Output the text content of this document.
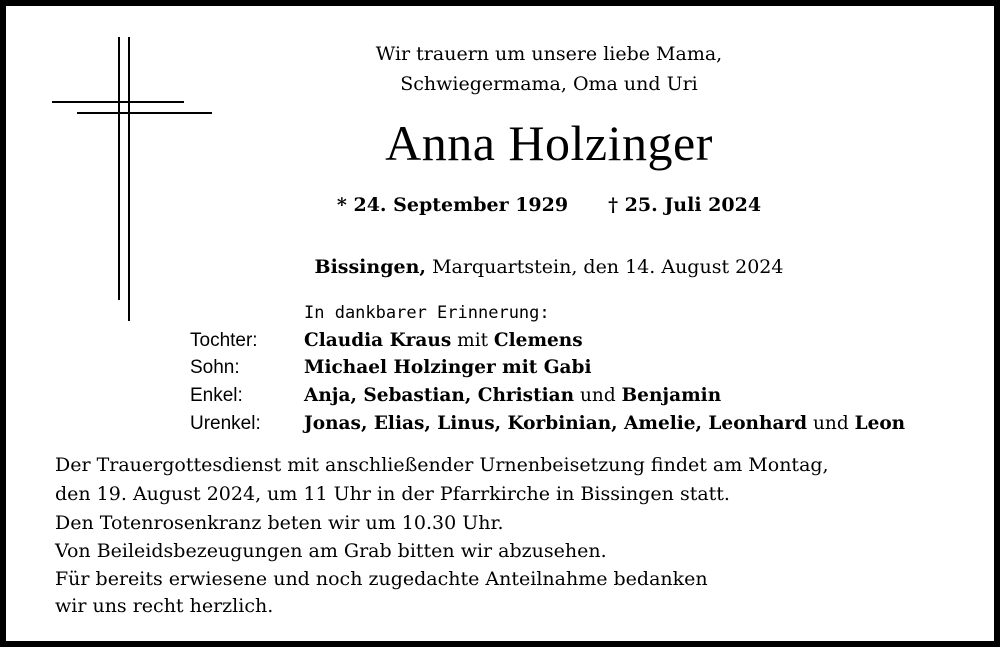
Wir trauern um unsere liebe Mama,
Schwiegermama, Oma und Uri
Anna Holzinger
* 24. September 1929 † 25. Juli 2024
Bissingen, Marquartstein, den 14. August 2024
In dankbarer Erinnerung:
Tochter:	Claudia Kraus mit Clemens
Sohn:	Michael Holzinger mit Gabi
Enkel:	Anja, Sebastian, Christian und Benjamin
Urenkel: Jonas, Elias, Linus, Korbinian, Amelie, Leonhard und Leon
Der Trauergottesdienst mit anschließender Urnenbeisetzung findet am Montag,
den 19. August 2024, um 11 Uhr in der Pfarrkirche in Bissingen statt.
Den Totenrosenkranz beten wir um 10.30 Uhr.
Von Beileidsbezeugungen am Grab bitten wir abzusehen.
Für bereits erwiesene und noch zugedachte Anteilnahme bedanken
wir uns recht herzlich.
